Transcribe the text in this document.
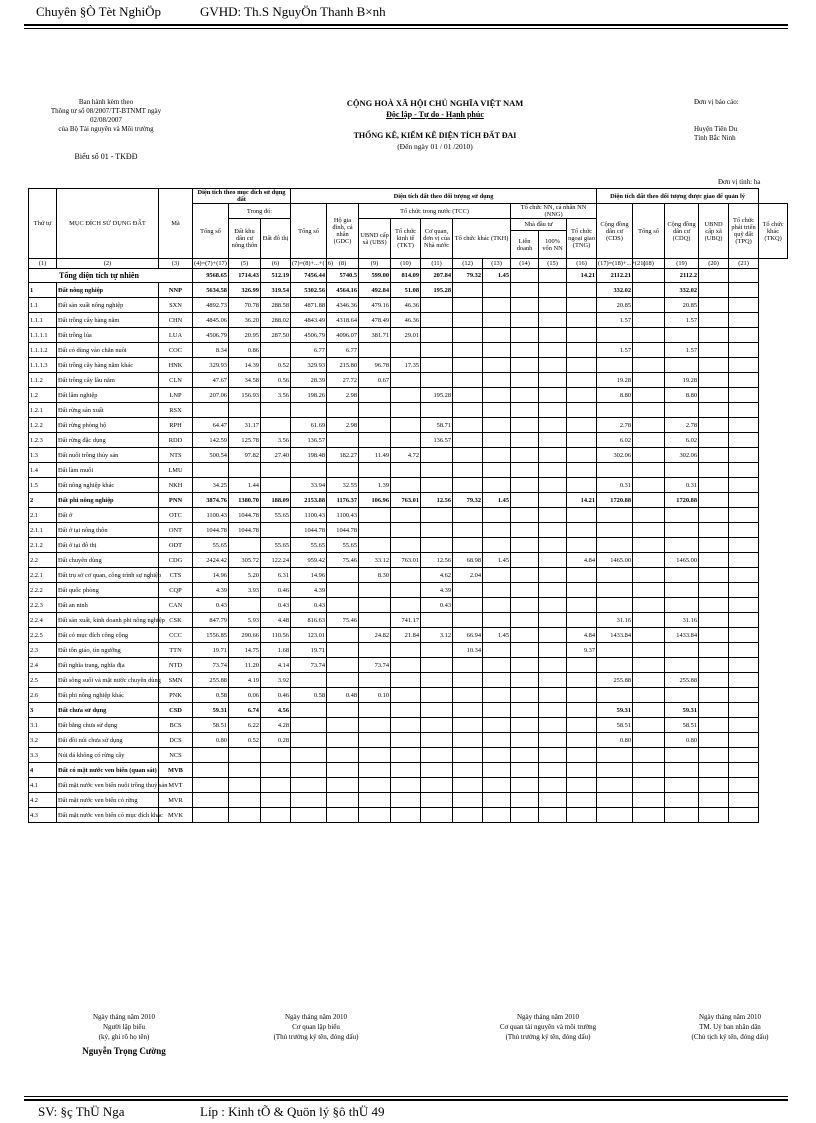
Chuyên §Ò Tèt NghiÖp	GVHD: Th.S NguyÖn Thanh B×nh
Ban hành kèm theo
Thông tư số 08/2007/TT-BTNMT ngày 02/08/2007
của Bộ Tài nguyên và Môi trường
Biểu số 01 - TKĐĐ
CỘNG HOÀ XÃ HỘI CHỦ NGHĨA VIỆT NAM
Độc lập - Tự do - Hạnh phúc
THỐNG KÊ, KIỂM KÊ DIỆN TÍCH ĐẤT ĐAI
(Đến ngày 01 / 01 /2010)
Đơn vị báo cáo:
Huyện Tiên Du
Tỉnh Bắc Ninh
Đơn vị tính: ha
Thứ tự	MỤC ĐÍCH SỬ DỤNG ĐẤT	Mã	Diện tích theo mục đích sử dụng đất			Diện tích đất theo đối tượng sử dụng										Diện tích đất theo đối tượng được giao để quản lý					
			Tổng số	Trong đó:		Tổng số	Hộ gia đình, cá nhân (GDC)	Tổ chức trong nước (TCC)					Tổ chức NN, cá nhân NN (NNG)			Cộng đồng dân cư (CDS)	Tổng số	Cộng đồng dân cư (CDQ)	UBND cấp xã (UBQ)	Tổ chức phát triển quỹ đất (TPQ)	Tổ chức khác (TKQ)
				Đất khu dân cư nông thôn	Đất đô thị			UBND cấp xã (UBS)	Tổ chức kinh tế (TKT)	Cơ quan, đơn vị của Nhà nước	Tổ chức khác (TKH)		Nhà đầu tư		Tổ chức ngoại giao (TNG)						
													Liên doanh	100% vốn NN							
(1)	(2)	(3)	(4)=(7)+(17)	(5)	(6)	(7)=(8)+...+(16)	(8)	(9)	(10)	(11)	(12)	(13)	(14)	(15)	(16)	(17)=(18)+...+(21)	(18)	(19)	(20)	(21)	
Tổng diện tích tự nhiên			9568.65	1714.43	512.19	7456.44	5740.5	599.00	814.09	207.84	79.32	1.45			14.21	2112.21		2112.2			
1	Đất nông nghiệp	NNP	5634.58	326.99	319.54	5302.56	4564.16	492.84	51.08	195.28						332.02		332.02			
1.1	Đất sản xuất nông nghiệp	SXN	4892.73	70.78	288.58	4871.88	4346.36	479.16	46.36							20.85		20.85			
1.1.1	Đất trồng cây hàng năm	CHN	4845.06	36.20	288.02	4843.49	4318.64	478.49	46.36							1.57		1.57			
1.1.1.1	Đất trồng lúa	LUA	4506.79	20.95	287.50	4506.79	4096.07	381.71	29.01												
1.1.1.2	Đất cỏ dùng vào chăn nuôi	COC	8.34	0.86		6.77	6.77									1.57		1.57			
1.1.1.3	Đất trồng cây hàng năm khác	HNK	329.93	14.39	0.52	329.93	215.80	96.78	17.35												
1.1.2	Đất trồng cây lâu năm	CLN	47.67	34.58	0.56	28.39	27.72	0.67								19.28		19.28			
1.2	Đất lâm nghiệp	LNP	207.06	156.93	3.56	198.26	2.98			195.28						8.80		8.80			
1.2.1	Đất rừng sản xuất	RSX																			
1.2.2	Đất rừng phòng hộ	RPH	64.47	31.17		61.69	2.98			58.71						2.78		2.78			
1.2.3	Đất rừng đặc dụng	RDD	142.59	125.78	3.56	136.57				136.57						6.02		6.02			
1.3	Đất nuôi trồng thủy sản	NTS	500.54	97.82	27.40	198.48	182.27	11.49	4.72							302.06		302.06			
1.4	Đất làm muối	LMU																			
1.5	Đất nông nghiệp khác	NKH	34.25	1.44		33.94	32.55	1.39								0.31		0.31			
2	Đất phi nông nghiệp	PNN	3874.76	1380.70	188.09	2153.88	1176.37	106.96	763.01	12.56	79.32	1.45			14.21	1720.88		1720.88			
2.1	Đất ở	OTC	1100.43	1044.78	55.65	1100.43	1100.43														
2.1.1	Đất ở tại nông thôn	ONT	1044.78	1044.78		1044.78	1044.78														
2.1.2	Đất ở tại đô thị	ODT	55.65		55.65	55.65	55.65														
2.2	Đất chuyên dùng	CDG	2424.42	305.72	122.24	959.42	75.46	33.12	763.01	12.56	68.98	1.45			4.84	1465.00		1465.00			
2.2.1	Đất trụ sở cơ quan, công trình sự nghiệp	CTS	14.96	5.20	6.31	14.96		8.30		4.62	2.04										
2.2.2	Đất quốc phòng	CQP	4.39	3.93	0.46	4.39				4.39											
2.2.3	Đất an ninh	CAN	0.43		0.43	0.43				0.43											
2.2.4	Đất sản xuất, kinh doanh phi nông nghiệp	CSK	847.79	5.93	4.48	816.63	75.46		741.17							31.16		31.16			
2.2.5	Đất có mục đích công cộng	CCC	1556.85	290.66	110.56	123.01		24.82	21.84	3.12	66.94	1.45			4.84	1433.84		1433.84			
2.3	Đất tôn giáo, tín ngưỡng	TTN	19.71	14.75	1.68	19.71					10.34				9.37						
2.4	Đất nghĩa trang, nghĩa địa	NTD	73.74	11.20	4.14	73.74		73.74													
2.5	Đất sông suối và mặt nước chuyên dùng	SMN	255.88	4.19	3.92											255.88		255.88			
2.6	Đất phi nông nghiệp khác	PNK	0.58	0.06	0.46	0.58	0.48	0.10													
3	Đất chưa sử dụng	CSD	59.31	6.74	4.56											59.31		59.31			
3.1	Đất bằng chưa sử dụng	BCS	58.51	6.22	4.28											58.51		58.51			
3.2	Đất đồi núi chưa sử dụng	DCS	0.80	0.52	0.28											0.80		0.80			
3.3	Núi đá không có rừng cây	NCS																			
4	Đất có mặt nước ven biển (quan sát)	MVB																			
4.1	Đất mặt nước ven biển nuôi trồng thuỷ sản	MVT																			
4.2	Đất mặt nước ven biển có rừng	MVR																			
4.3	Đất mặt nước ven biển có mục đích khác	MVK																			
Ngày tháng năm 2010
Người lập biểu
(ký, ghi rõ họ tên)
Nguyễn Trọng Cường
Ngày tháng năm 2010
Cơ quan lập biểu
(Thủ trưởng ký tên, đóng dấu)
Ngày tháng năm 2010
Cơ quan tài nguyên và môi trường
(Thủ trưởng ký tên, đóng dấu)
Ngày tháng năm 2010
TM. Uỷ ban nhân dân
(Chủ tịch ký tên, đóng dấu)
SV: §ç ThÜ Nga	Líp : Kinh tÕ & Quön lý §ô thÜ 49
